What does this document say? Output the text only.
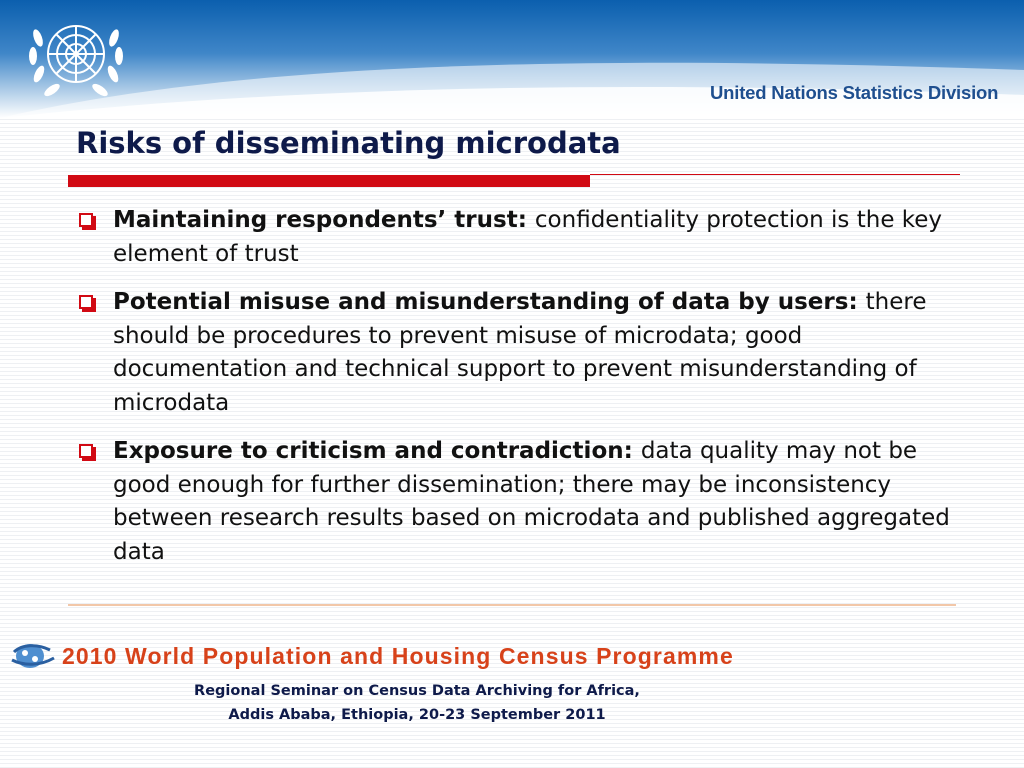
United Nations Statistics Division
Risks of disseminating microdata
Maintaining respondents’ trust: confidentiality protection is the key element of trust
Potential misuse and misunderstanding of data by users: there should be procedures to prevent misuse of microdata; good documentation and technical support to prevent misunderstanding of microdata
Exposure to criticism and contradiction: data quality may not be good enough for further dissemination; there may be inconsistency between research results based on microdata and published aggregated data
2010 World Population and Housing Census Programme
Regional Seminar on Census Data Archiving for Africa,
Addis Ababa, Ethiopia, 20-23 September 2011
